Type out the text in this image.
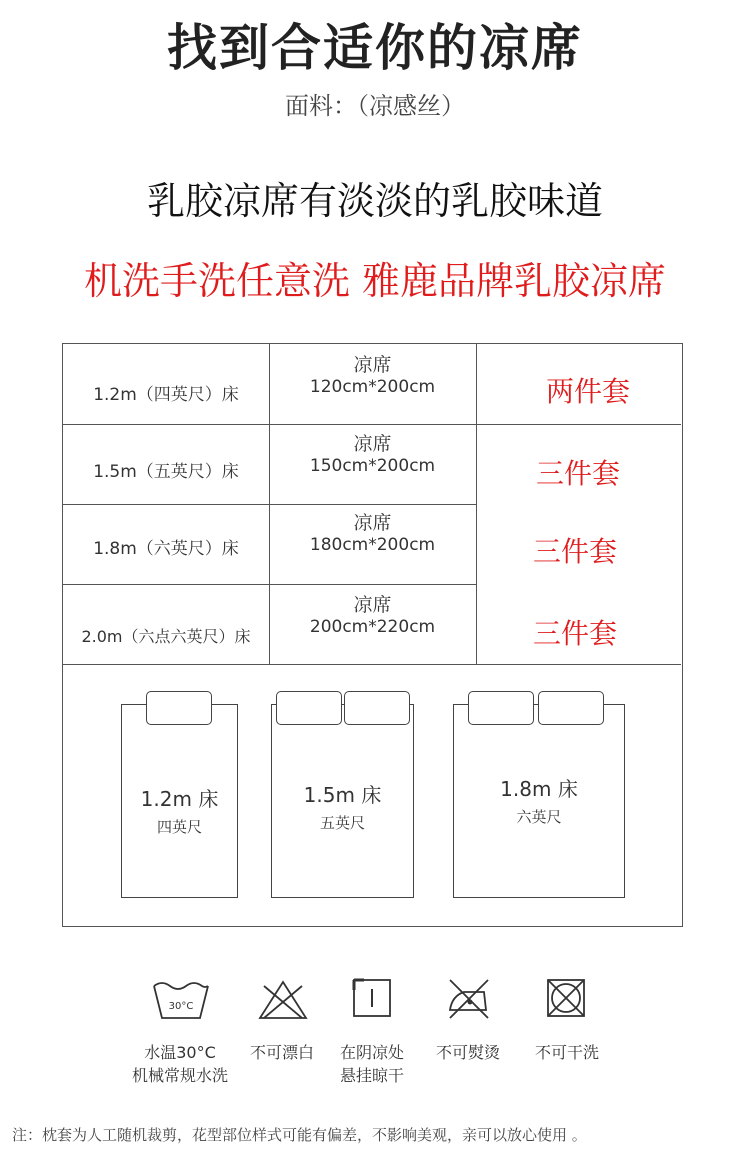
找到合适你的凉席
面料：（凉感丝）
乳胶凉席有淡淡的乳胶味道
机洗手洗任意洗 雅鹿品牌乳胶凉席
1.2m（四英尺）床
凉席
120cm*200cm	两件套
1.5m（五英尺）床
凉席
150cm*200cm	三件套
1.8m（六英尺）床
凉席
180cm*200cm	三件套
2.0m（六点六英尺）床
凉席
200cm*220cm	三件套
1.2m 床
四英尺
1.5m 床
五英尺
1.8m 床
六英尺
30°C
水温30°C
机械常规水洗
不可漂白	在阴凉处
悬挂晾干
不可熨烫	不可干洗
注：枕套为人工随机裁剪，花型部位样式可能有偏差，不影响美观，亲可以放心使用 。
